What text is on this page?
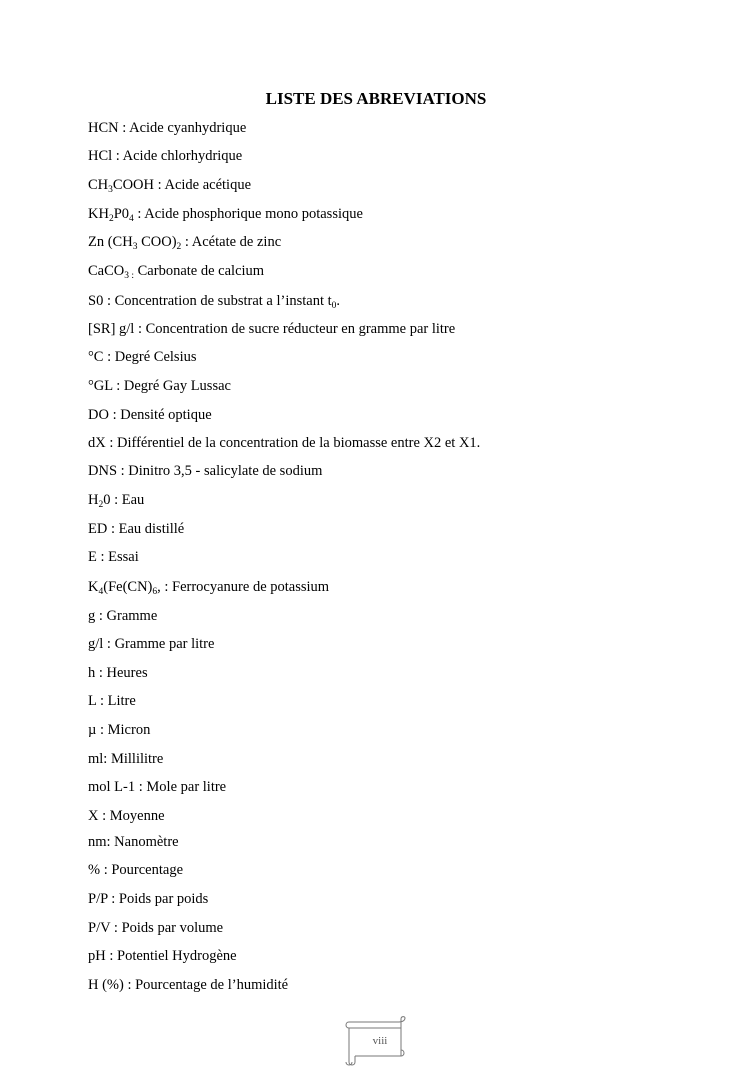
LISTE DES ABREVIATIONS
HCN : Acide cyanhydrique
HCl : Acide chlorhydrique
$CH_3COOH$ : Acide acétique
$KH_2P0_4$ : Acide phosphorique mono potassique
Zn ($CH_3$ $COO)_2$ : Acétate de zinc
CaCO$_{3 :}$ Carbonate de calcium
S0 : Concentration de substrat a l’instant $t_0$.
[SR] g/l : Concentration de sucre réducteur en gramme par litre
°C : Degré Celsius
°GL : Degré Gay Lussac
DO : Densité optique
dX : Différentiel de la concentration de la biomasse entre X2 et X1.
DNS : Dinitro 3,5 ‑ salicylate de sodium
$H_20$ : Eau
ED : Eau distillé
E : Essai
$K_4(Fe(CN)_6$, : Ferrocyanure de potassium
g : Gramme
g/l : Gramme par litre
h : Heures
L : Litre
µ : Micron
ml: Millilitre
mol L-1 : Mole par litre
X : Moyenne
nm: Nanomètre
% : Pourcentage
P/P : Poids par poids
P/V : Poids par volume
pH : Potentiel Hydrogène
H (%) : Pourcentage de l’humidité
viii
